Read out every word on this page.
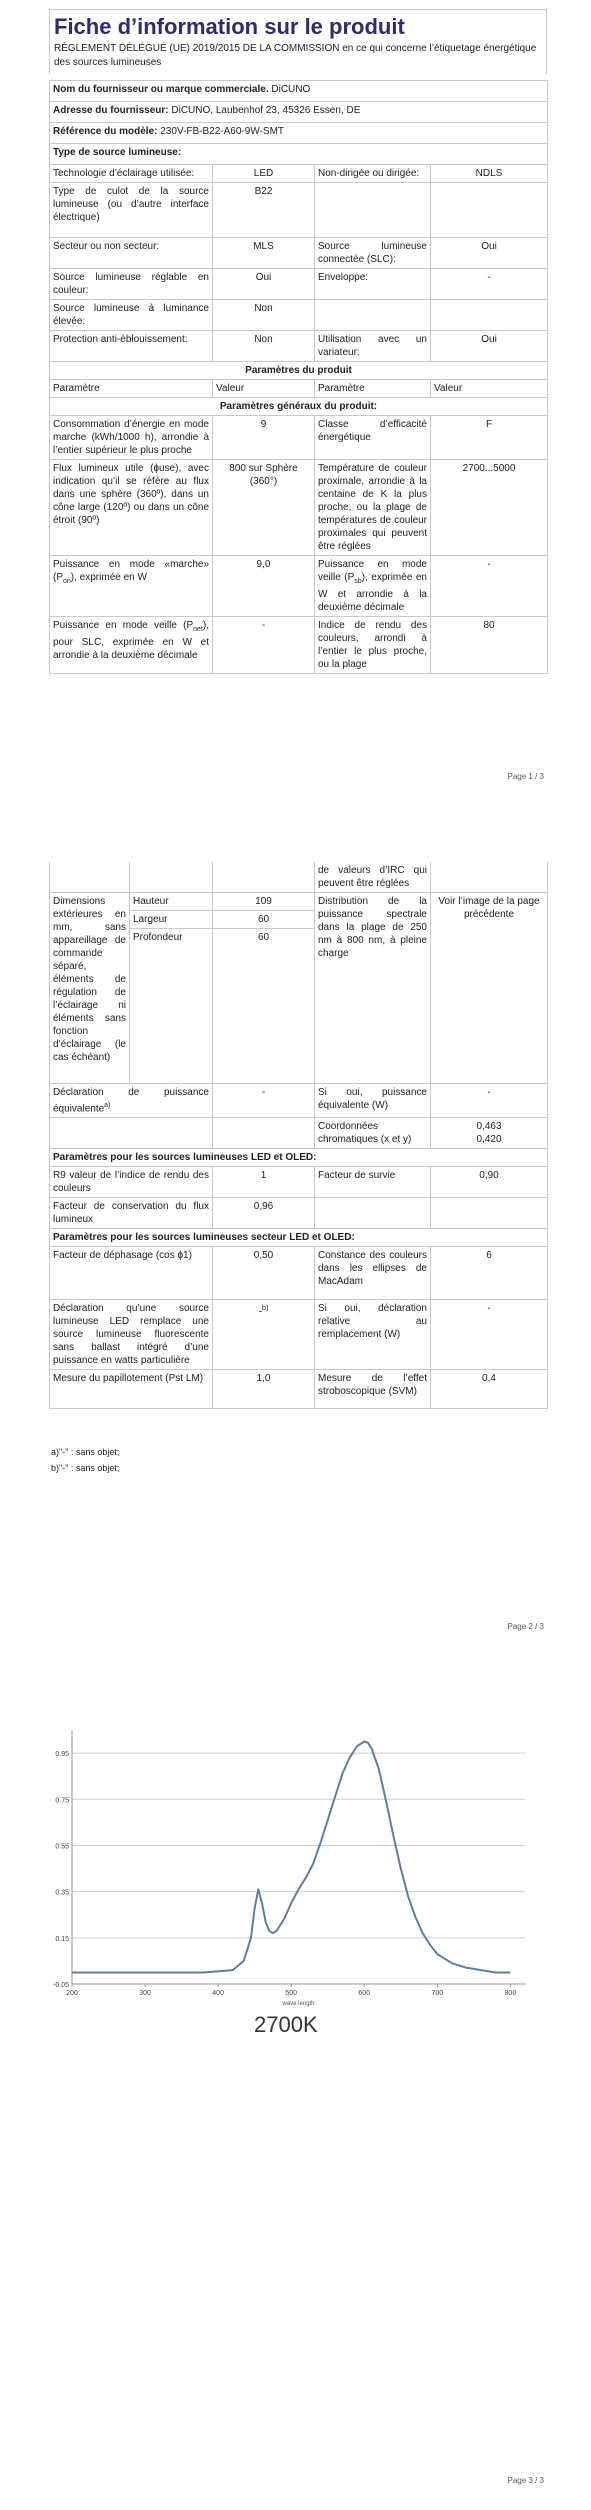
Fiche d’information sur le produit
RÈGLEMENT DÉLÉGUÉ (UE) 2019/2015 DE LA COMMISSION en ce qui concerne l’étiquetage énergétique des sources lumineuses
Nom du fournisseur ou marque commerciale. DiCUNO			
Adresse du fournisseur: DiCUNO, Laubenhof 23, 45326 Essen, DE			
Référence du modèle: 230V-FB-B22-A60-9W-SMT			
Type de source lumineuse:			
Technologie d’éclairage utilisée:	LED	Non-dirigée ou dirigée:	NDLS
Type de culot de la source lumineuse (ou d’autre interface électrique)	B22		
Secteur ou non secteur:	MLS	Source lumineuse connectée (SLC):	Oui
Source lumineuse réglable en couleur:	Oui	Enveloppe:	-
Source lumineuse à luminance élevée:	Non		
Protection anti-éblouissement:	Non	Utilisation avec un variateur:	Oui
Paramètres du produit			
Paramètre	Valeur	Paramètre	Valeur
Paramètres généraux du produit:			
Consommation d’énergie en mode marche (kWh/1000 h), arrondie à l’entier supérieur le plus proche	9	Classe d’efficacité énergétique	F
Flux lumineux utile (ɸuse), avec indication qu’il se réfère au flux dans une sphère (360º), dans un cône large (120º) ou dans un cône étroit (90º)	800 sur Sphère (360°)	Température de couleur proximale, arrondie à la centaine de K la plus proche, ou la plage de températures de couleur proximales qui peuvent être réglées	2700...5000
Puissance en mode «marche» $(P_{on})$, exprimée en W	9,0	Puissance en mode veille $(P_{sb})$, exprimée en W et arrondie à la deuxième décimale	-
Puissance en mode veille $(P_{net})$, pour SLC, exprimée en W et arrondie à la deuxième décimale	-	Indice de rendu des couleurs, arrondi à l’entier le plus proche, ou la plage	80
Page 1 / 3
			de valeurs d’IRC qui peuvent être réglées	
Dimensions extérieures en mm, sans appareillage de commande séparé, éléments de régulation de l’éclairage ni éléments sans fonction d’éclairage (le cas échéant)	Hauteur	109	Distribution de la puissance spectrale dans la plage de 250 nm à 800 nm, à pleine charge	Voir l’image de la page précédente
	Largeur	60		
	Profondeur	60		
Déclaration de puissance équivalente$^{a)}$		-	Si oui, puissance équivalente (W)	-
			Coordonnées chromatiques (x et y)	0,463
0,420

Paramètres pour les sources lumineuses LED et OLED:				
R9 valeur de l’indice de rendu des couleurs		1	Facteur de survie	0,90
Facteur de conservation du flux lumineux		0,96		
Paramètres pour les sources lumineuses secteur LED et OLED:				
Facteur de déphasage (cos ɸ1)		0,50	Constance des couleurs dans les ellipses de MacAdam	6
Déclaration qu’une source lumineuse LED remplace une source lumineuse fluorescente sans ballast intégré d’une puissance en watts particulière		-$^{b)}$	Si oui, déclaration relative au remplacement (W)	-
Mesure du papillotement (Pst LM)		1,0	Mesure de l’effet stroboscopique (SVM)	0,4
a)"-" : sans objet;
b)"-" : sans objet;
Page 2 / 3
-0.05
0.15
0.35
0.55
0.75
0.95
200	300	400	500	600	700	800
wave length
2700K
Page 3 / 3
